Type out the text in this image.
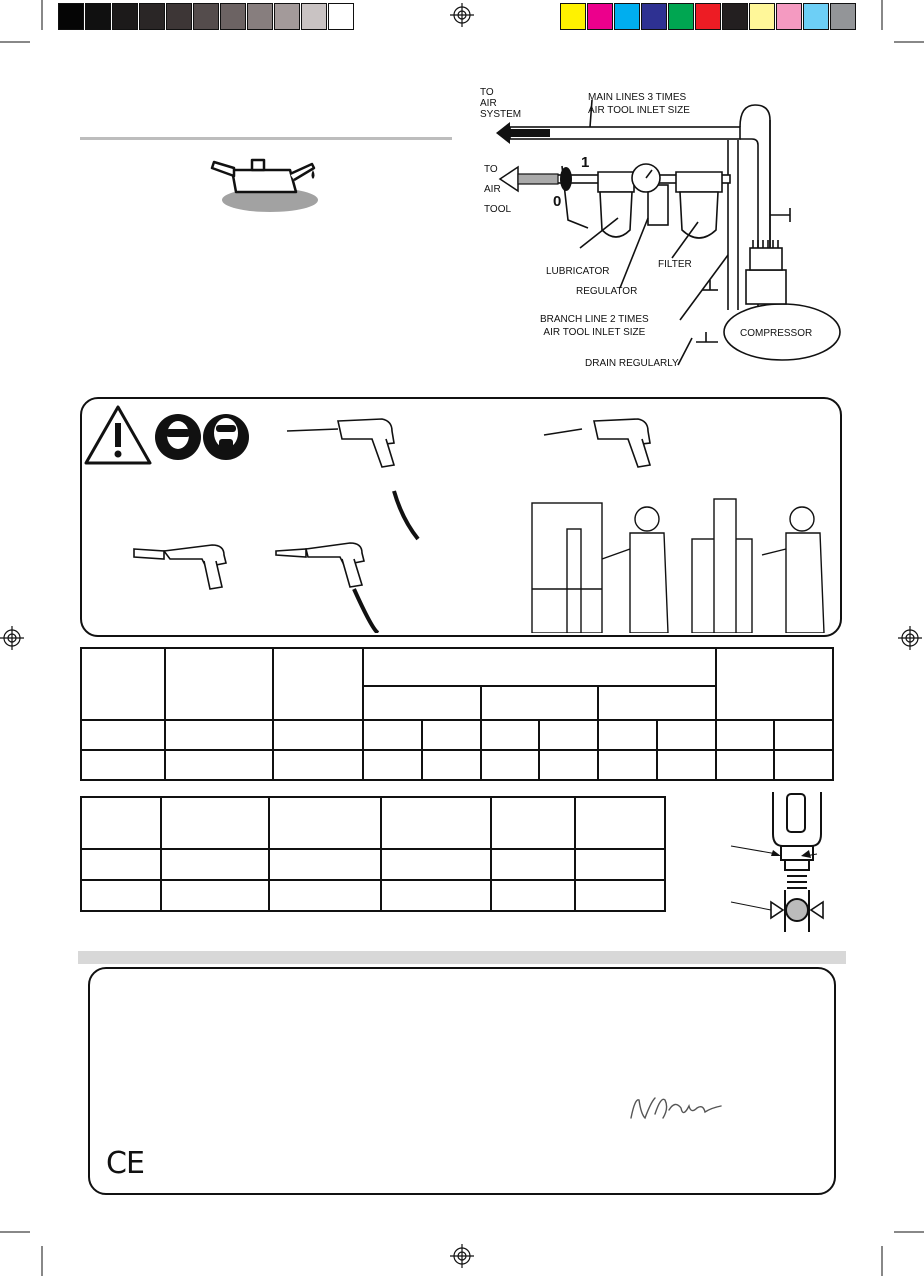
TO
AIR
SYSTEM
MAIN LINES 3 TIMES
AIR TOOL INLET SIZE
TO
AIR
TOOL
1
0
LUBRICATOR
REGULATOR
FILTER
BRANCH LINE 2 TIMES
AIR TOOL INLET SIZE	COMPRESSOR
DRAIN REGULARLY

CE
